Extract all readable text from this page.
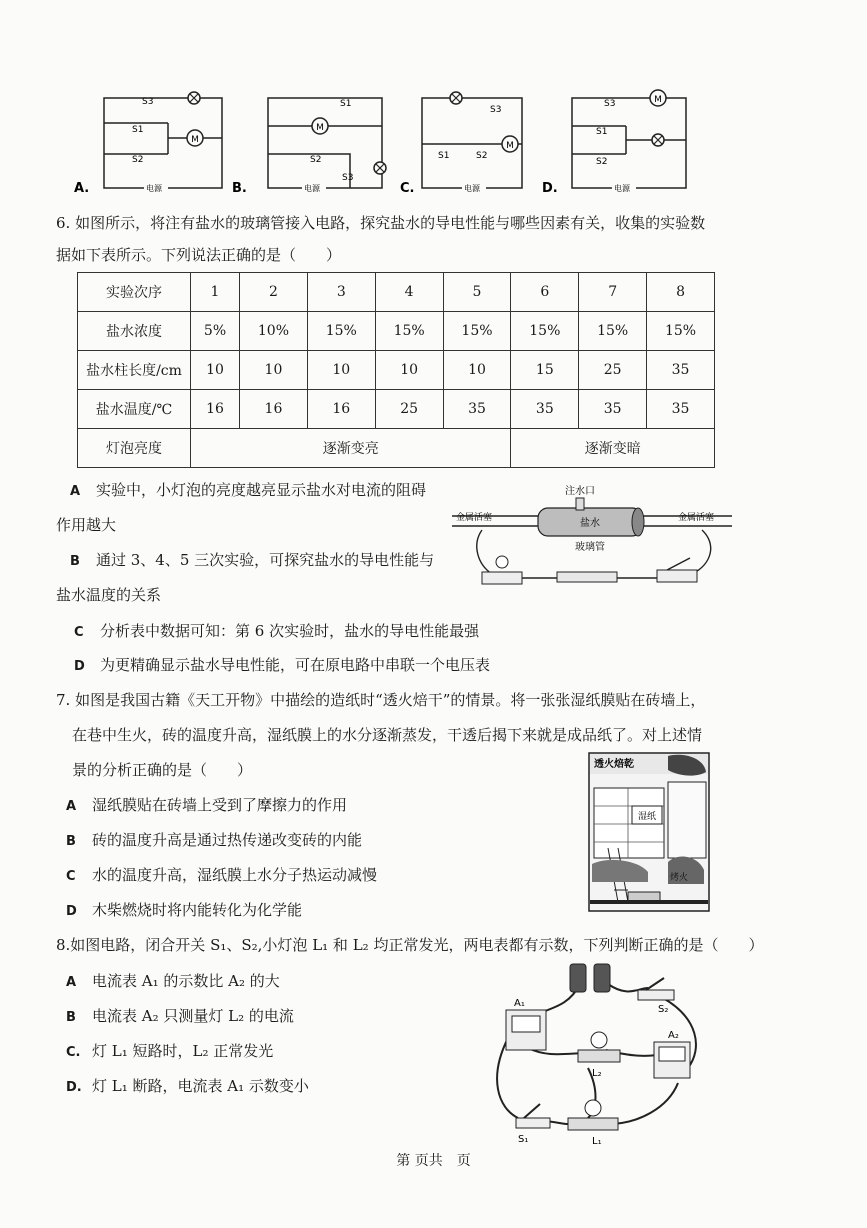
M
S3
S1
S2
电源
A.
M
S1
S2
S3
电源
B.
M
S3
S1	S2
电源
C.
M
S3
S1
S2
电源
D.
6. 如图所示，将注有盐水的玻璃管接入电路，探究盐水的导电性能与哪些因素有关，收集的实验数
据如下表所示。下列说法正确的是（　　）
实验次序	1	2	3	4	5	6	7	8
盐水浓度	5%	10%	15%	15%	15%	15%	15%	15%
盐水柱长度/cm	10	10	10	10	10	15	25	35
盐水温度/℃	16	16	16	25	35	35	35	35
灯泡亮度	逐渐变亮					逐渐变暗		
A 实验中，小灯泡的亮度越亮显示盐水对电流的阻碍
作用越大
B 通过 3、4、5 三次实验，可探究盐水的导电性能与
盐水温度的关系
C 分析表中数据可知：第 6 次实验时，盐水的导电性能最强
D 为更精确显示盐水导电性能，可在原电路中串联一个电压表
注水口
金属活塞	金属活塞
盐水
玻璃管
7. 如图是我国古籍《天工开物》中描绘的造纸时“透火焙干”的情景。将一张张湿纸膜贴在砖墙上，
在巷中生火，砖的温度升高，湿纸膜上的水分逐渐蒸发，干透后揭下来就是成品纸了。对上述情
景的分析正确的是（　　）
A 湿纸膜贴在砖墙上受到了摩擦力的作用
B 砖的温度升高是通过热传递改变砖的内能
C 水的温度升高，湿纸膜上水分子热运动减慢
D 木柴燃烧时将内能转化为化学能
透火焙乾
湿纸
烤火
8.如图电路，闭合开关 S₁、S₂,小灯泡 L₁ 和 L₂ 均正常发光，两电表都有示数，下列判断正确的是（　　）
A 电流表 A₁ 的示数比 A₂ 的大
B 电流表 A₂ 只测量灯 L₂ 的电流
C. 灯 L₁ 短路时，L₂ 正常发光
D. 灯 L₁ 断路，电流表 A₁ 示数变小
A₁
A₂
S₂
S₁
L₂
L₁
第 页共　页
